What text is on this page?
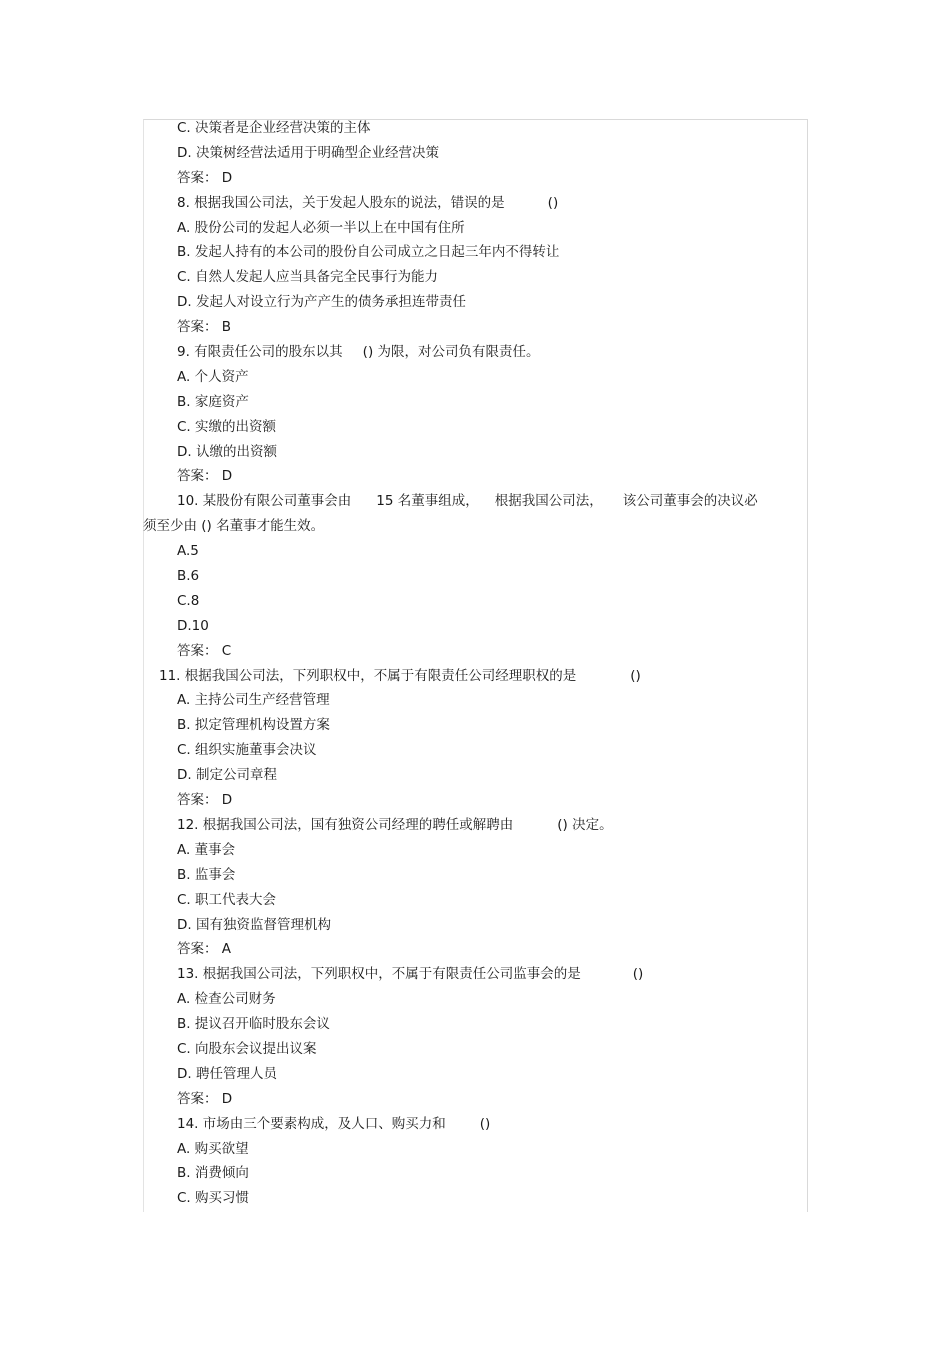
C. 决策者是企业经营决策的主体
D. 决策树经营法适用于明确型企业经营决策
答案： D
8. 根据我国公司法，关于发起人股东的说法，错误的是	()
A. 股份公司的发起人必须一半以上在中国有住所
B. 发起人持有的本公司的股份自公司成立之日起三年内不得转让
C. 自然人发起人应当具备完全民事行为能力
D. 发起人对设立行为产产生的债务承担连带责任
答案： B
9. 有限责任公司的股东以其 () 为限，对公司负有限责任。
A. 个人资产
B. 家庭资产
C. 实缴的出资额
D. 认缴的出资额
答案： D
10. 某股份有限公司董事会由 15 名董事组成， 根据我国公司法， 该公司董事会的决议必
须至少由 () 名董事才能生效。
A.5
B.6
C.8
D.10
答案： C
11. 根据我国公司法，下列职权中，不属于有限责任公司经理职权的是	()
A. 主持公司生产经营管理
B. 拟定管理机构设置方案
C. 组织实施董事会决议
D. 制定公司章程
答案： D
12. 根据我国公司法，国有独资公司经理的聘任或解聘由	() 决定。
A. 董事会
B. 监事会
C. 职工代表大会
D. 国有独资监督管理机构
答案： A
13. 根据我国公司法，下列职权中，不属于有限责任公司监事会的是	()
A. 检查公司财务
B. 提议召开临时股东会议
C. 向股东会议提出议案
D. 聘任管理人员
答案： D
14. 市场由三个要素构成，及人口、购买力和	()
A. 购买欲望
B. 消费倾向
C. 购买习惯
